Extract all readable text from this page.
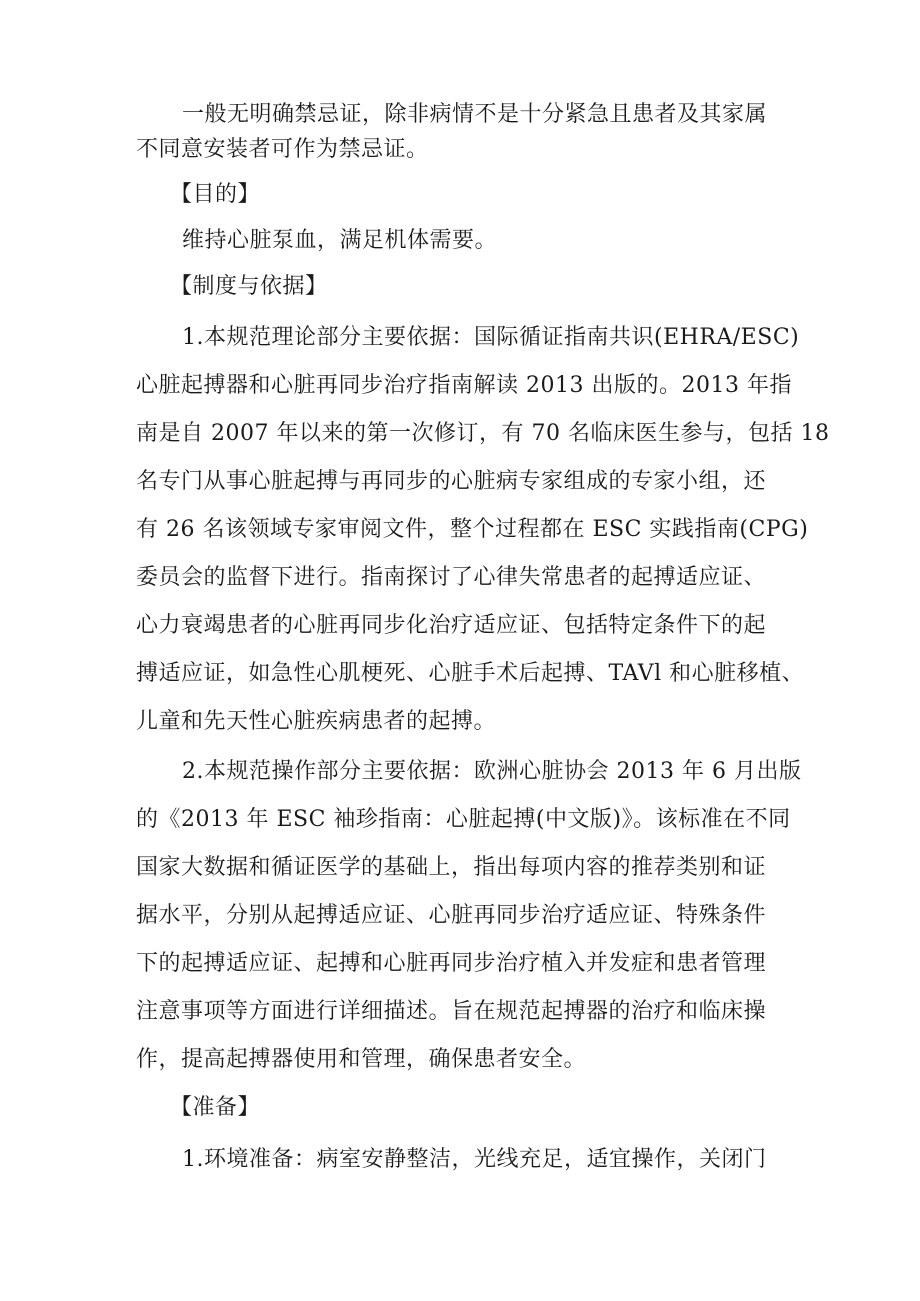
一般无明确禁忌证，除非病情不是十分紧急且患者及其家属
不同意安装者可作为禁忌证。
【目的】
维持心脏泵血，满足机体需要。
【制度与依据】
1.本规范理论部分主要依据：国际循证指南共识(EHRA/ESC)
心脏起搏器和心脏再同步治疗指南解读 2013 出版的。2013 年指
南是自 2007 年以来的第一次修订，有 70 名临床医生参与，包括 18
名专门从事心脏起搏与再同步的心脏病专家组成的专家小组，还
有 26 名该领域专家审阅文件，整个过程都在 ESC 实践指南(CPG)
委员会的监督下进行。指南探讨了心律失常患者的起搏适应证、
心力衰竭患者的心脏再同步化治疗适应证、包括特定条件下的起
搏适应证，如急性心肌梗死、心脏手术后起搏、TAVl 和心脏移植、
儿童和先天性心脏疾病患者的起搏。
2.本规范操作部分主要依据：欧洲心脏协会 2013 年 6 月出版
的《2013 年 ESC 袖珍指南：心脏起搏(中文版)》。该标准在不同
国家大数据和循证医学的基础上，指出每项内容的推荐类别和证
据水平，分别从起搏适应证、心脏再同步治疗适应证、特殊条件
下的起搏适应证、起搏和心脏再同步治疗植入并发症和患者管理
注意事项等方面进行详细描述。旨在规范起搏器的治疗和临床操
作，提高起搏器使用和管理，确保患者安全。
【准备】
1.环境准备：病室安静整洁，光线充足，适宜操作，关闭门
